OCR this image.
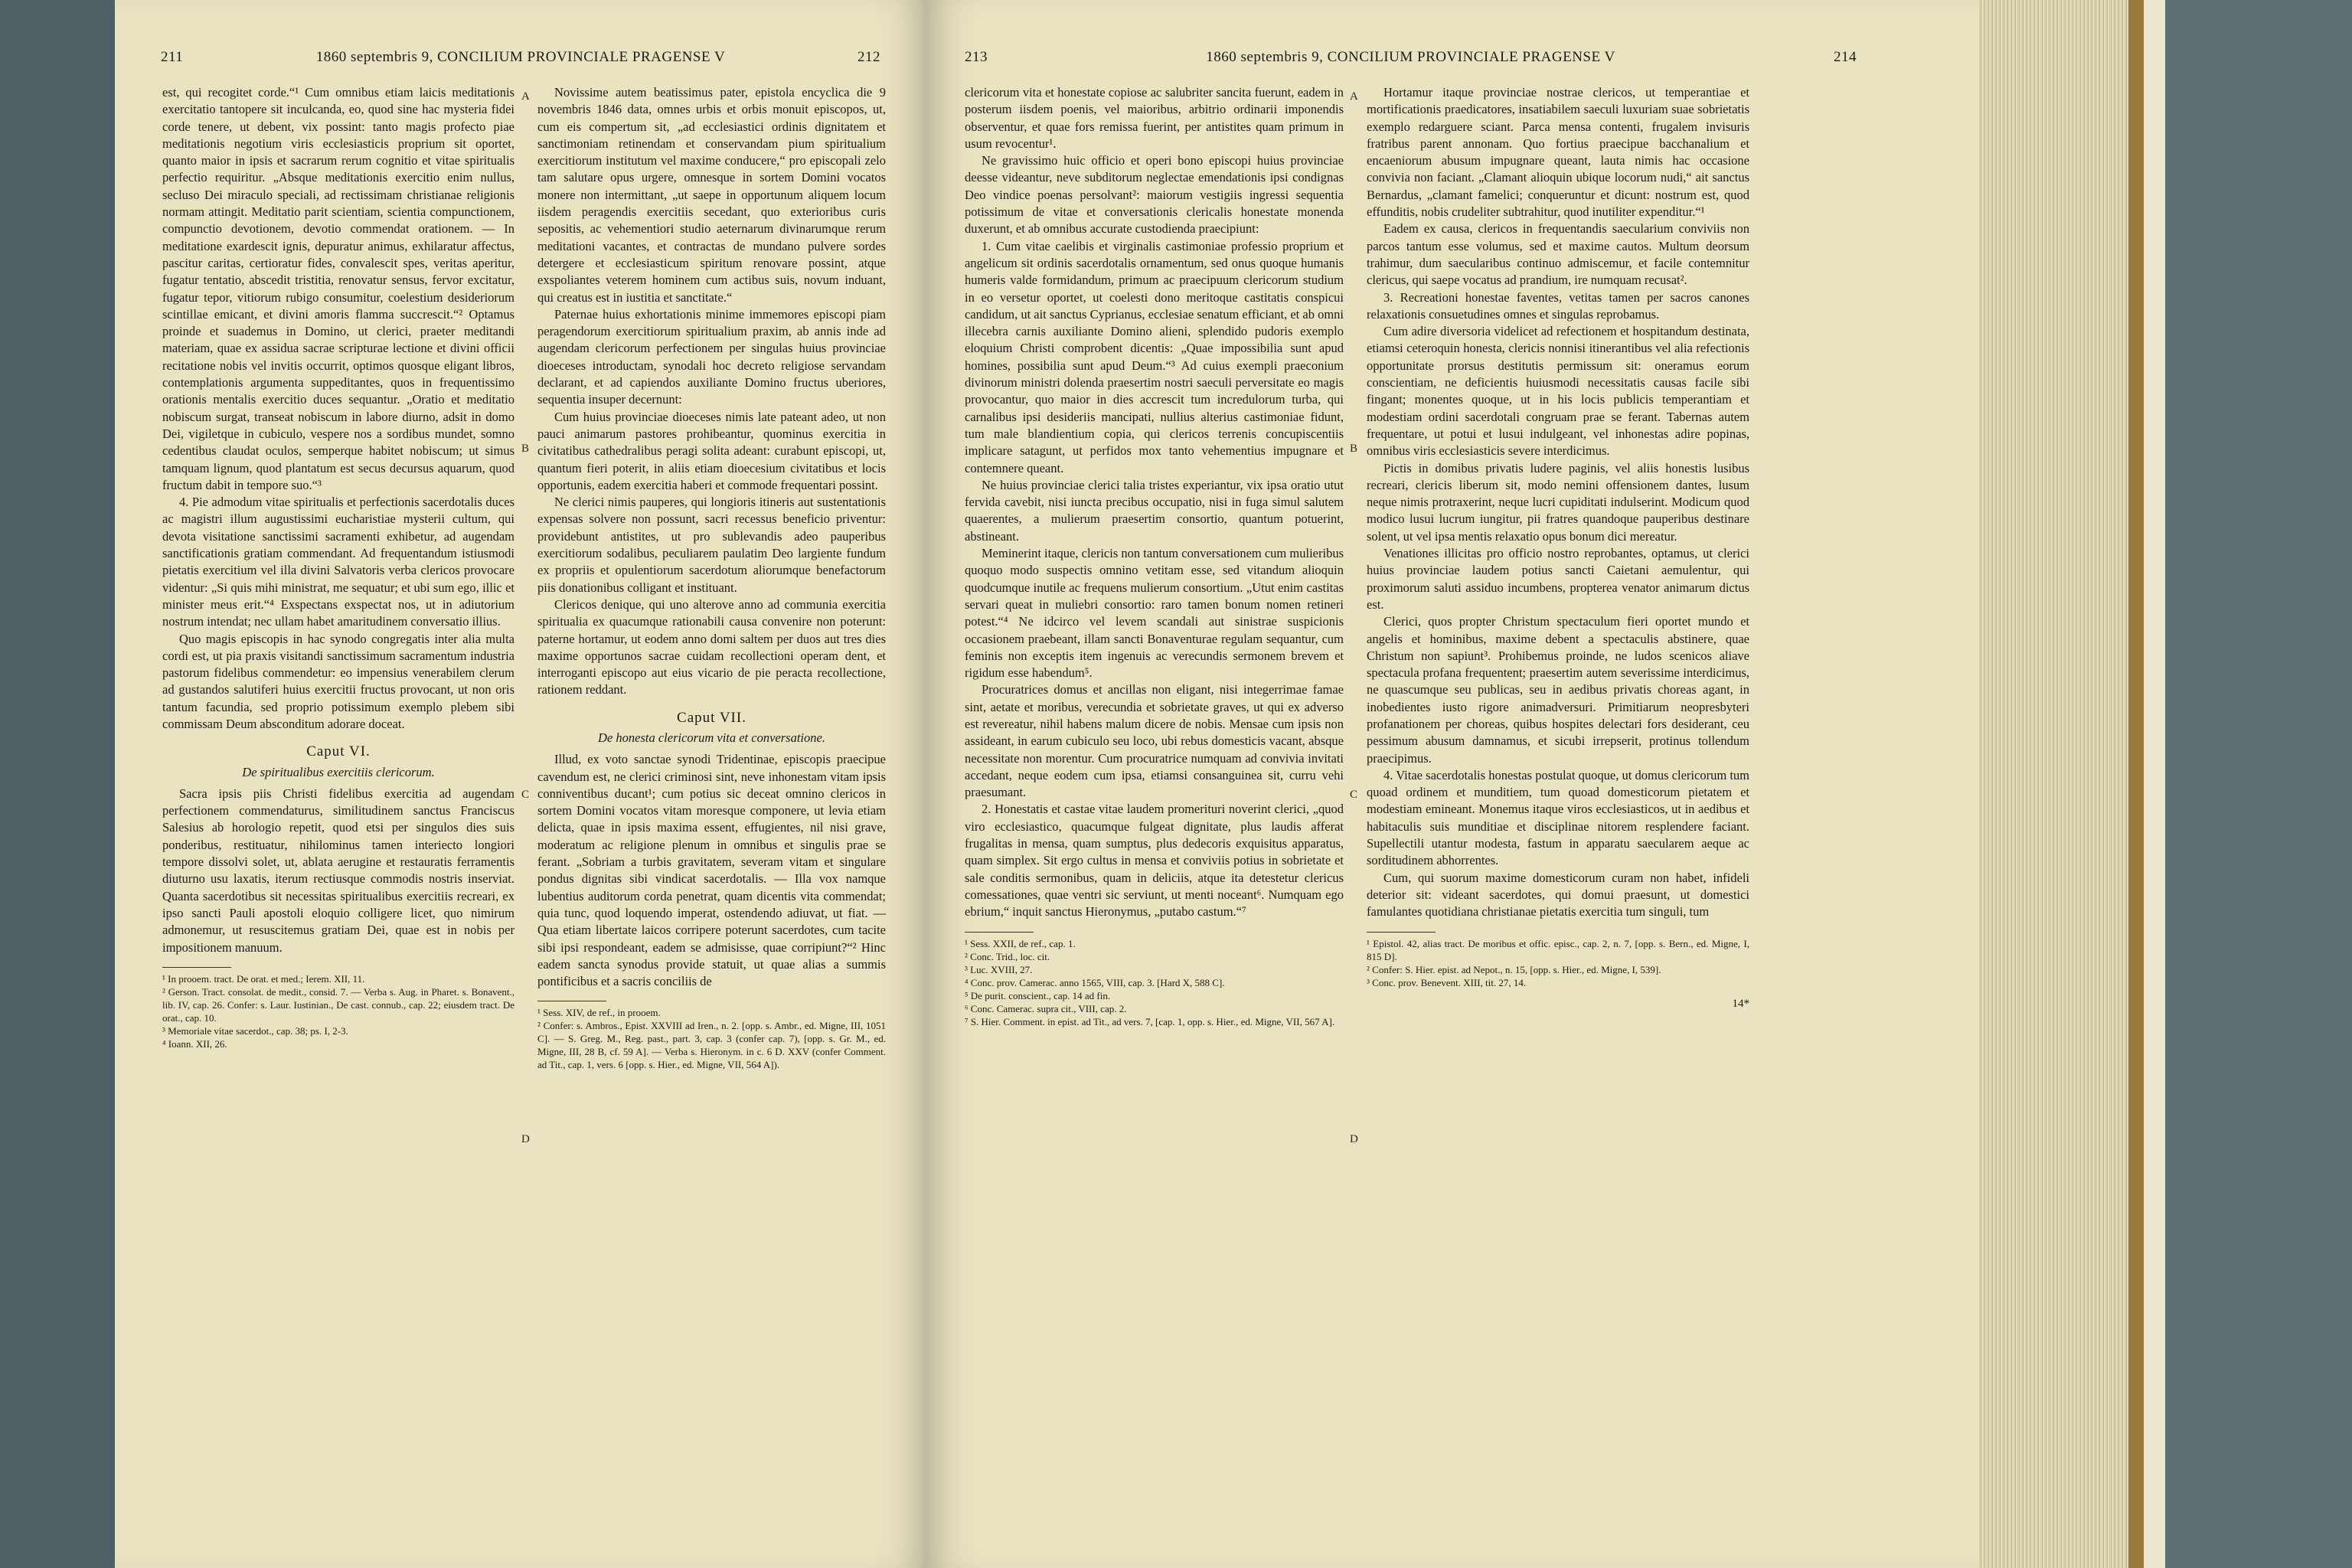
211	1860 septembris 9, CONCILIUM PROVINCIALE PRAGENSE V	212

est, qui recogitet corde.“¹ Cum omnibus etiam laicis meditationis exercitatio tantopere sit inculcanda, eo, quod sine hac mysteria fidei corde tenere, ut debent, vix possint: tanto magis profecto piae meditationis negotium viris ecclesiasticis proprium sit oportet, quanto maior in ipsis et sacrarum rerum cognitio et vitae spiritualis perfectio requiritur. „Absque meditationis exercitio enim nullus, secluso Dei miraculo speciali, ad rectissimam christianae religionis normam attingit. Meditatio parit scientiam, scientia compunctionem, compunctio devotionem, devotio commendat orationem. — In meditatione exardescit ignis, depuratur animus, exhilaratur affectus, pascitur caritas, certioratur fides, convalescit spes, veritas aperitur, fugatur tentatio, abscedit tristitia, renovatur sensus, fervor excitatur, fugatur tepor, vitiorum rubigo consumitur, coelestium desideriorum scintillae emicant, et divini amoris flamma succrescit.“² Optamus proinde et suademus in Domino, ut clerici, praeter meditandi materiam, quae ex assidua sacrae scripturae lectione et divini officii recitatione nobis vel invitis occurrit, optimos quosque eligant libros, contemplationis argumenta suppeditantes, quos in frequentissimo orationis mentalis exercitio duces sequantur. „Oratio et meditatio nobiscum surgat, transeat nobiscum in labore diurno, adsit in domo Dei, vigiletque in cubiculo, vespere nos a sordibus mundet, somno cedentibus claudat oculos, semperque habitet nobiscum; ut simus tamquam lignum, quod plantatum est secus decursus aquarum, quod fructum dabit in tempore suo.“³

4. Pie admodum vitae spiritualis et perfectionis sacerdotalis duces ac magistri illum augustissimi eucharistiae mysterii cultum, qui devota visitatione sanctissimi sacramenti exhibetur, ad augendam sanctificationis gratiam commendant. Ad frequentandum istiusmodi pietatis exercitium vel illa divini Salvatoris verba clericos provocare videntur: „Si quis mihi ministrat, me sequatur; et ubi sum ego, illic et minister meus erit.“⁴ Exspectans exspectat nos, ut in adiutorium nostrum intendat; nec ullam habet amaritudinem conversatio illius.

Quo magis episcopis in hac synodo congregatis inter alia multa cordi est, ut pia praxis visitandi sanctissimum sacramentum industria pastorum fidelibus commendetur: eo impensius venerabilem clerum ad gustandos salutiferi huius exercitii fructus provocant, ut non oris tantum facundia, sed proprio potissimum exemplo plebem sibi commissam Deum absconditum adorare doceat.

Caput VI.

De spiritualibus exercitiis clericorum.

Sacra ipsis piis Christi fidelibus exercitia ad augendam perfectionem commendaturus, similitudinem sanctus Franciscus Salesius ab horologio repetit, quod etsi per singulos dies suis ponderibus, restituatur, nihilominus tamen interiecto longiori tempore dissolvi solet, ut, ablata aerugine et restauratis ferramentis diuturno usu laxatis, iterum rectiusque commodis nostris inserviat. Quanta sacerdotibus sit necessitas spiritualibus exercitiis recreari, ex ipso sancti Pauli apostoli eloquio colligere licet, quo nimirum admonemur, ut resuscitemus gratiam Dei, quae est in nobis per impositionem manuum.

¹ In prooem. tract. De orat. et med.; Ierem. XII, 11.

² Gerson. Tract. consolat. de medit., consid. 7. — Verba s. Aug. in Pharet. s. Bonavent., lib. IV, cap. 26. Confer: s. Laur. Iustinian., De cast. connub., cap. 22; eiusdem tract. De orat., cap. 10.

³ Memoriale vitae sacerdot., cap. 38; ps. I, 2-3.

⁴ Ioann. XII, 26.

A
B
C
D

Novissime autem beatissimus pater, epistola encyclica die 9 novembris 1846 data, omnes urbis et orbis monuit episcopos, ut, cum eis compertum sit, „ad ecclesiastici ordinis dignitatem et sanctimoniam retinendam et conservandam pium spiritualium exercitiorum institutum vel maxime conducere,“ pro episcopali zelo tam salutare opus urgere, omnesque in sortem Domini vocatos monere non intermittant, „ut saepe in opportunum aliquem locum iisdem peragendis exercitiis secedant, quo exterioribus curis sepositis, ac vehementiori studio aeternarum divinarumque rerum meditationi vacantes, et contractas de mundano pulvere sordes detergere et ecclesiasticum spiritum renovare possint, atque exspoliantes veterem hominem cum actibus suis, novum induant, qui creatus est in iustitia et sanctitate.“

Paternae huius exhortationis minime immemores episcopi piam peragendorum exercitiorum spiritualium praxim, ab annis inde ad augendam clericorum perfectionem per singulas huius provinciae dioeceses introductam, synodali hoc decreto religiose servandam declarant, et ad capiendos auxiliante Domino fructus uberiores, sequentia insuper decernunt:

Cum huius provinciae dioeceses nimis late pateant adeo, ut non pauci animarum pastores prohibeantur, quominus exercitia in civitatibus cathedralibus peragi solita adeant: curabunt episcopi, ut, quantum fieri poterit, in aliis etiam dioecesium civitatibus et locis opportunis, eadem exercitia haberi et commode frequentari possint.

Ne clerici nimis pauperes, qui longioris itineris aut sustentationis expensas solvere non possunt, sacri recessus beneficio priventur: providebunt antistites, ut pro sublevandis adeo pauperibus exercitiorum sodalibus, peculiarem paulatim Deo largiente fundum ex propriis et opulentiorum sacerdotum aliorumque benefactorum piis donationibus colligant et instituant.

Clericos denique, qui uno alterove anno ad communia exercitia spiritualia ex quacumque rationabili causa convenire non poterunt: paterne hortamur, ut eodem anno domi saltem per duos aut tres dies maxime opportunos sacrae cuidam recollectioni operam dent, et interroganti episcopo aut eius vicario de pie peracta recollectione, rationem reddant.

Caput VII.

De honesta clericorum vita et conversatione.

Illud, ex voto sanctae synodi Tridentinae, episcopis praecipue cavendum est, ne clerici criminosi sint, neve inhonestam vitam ipsis conniventibus ducant¹; cum potius sic deceat omnino clericos in sortem Domini vocatos vitam moresque componere, ut levia etiam delicta, quae in ipsis maxima essent, effugientes, nil nisi grave, moderatum ac religione plenum in omnibus et singulis prae se ferant. „Sobriam a turbis gravitatem, severam vitam et singulare pondus dignitas sibi vindicat sacerdotalis. — Illa vox namque lubentius auditorum corda penetrat, quam dicentis vita commendat; quia tunc, quod loquendo imperat, ostendendo adiuvat, ut fiat. — Qua etiam libertate laicos corripere poterunt sacerdotes, cum tacite sibi ipsi respondeant, eadem se admisisse, quae corripiunt?“² Hinc eadem sancta synodus provide statuit, ut quae alias a summis pontificibus et a sacris conciliis de

¹ Sess. XIV, de ref., in prooem.

² Confer: s. Ambros., Epist. XXVIII ad Iren., n. 2. [opp. s. Ambr., ed. Migne, III, 1051 C]. — S. Greg. M., Reg. past., part. 3, cap. 3 (confer cap. 7), [opp. s. Gr. M., ed. Migne, III, 28 B, cf. 59 A]. — Verba s. Hieronym. in c. 6 D. XXV (confer Comment. ad Tit., cap. 1, vers. 6 [opp. s. Hier., ed. Migne, VII, 564 A]).

213	1860 septembris 9, CONCILIUM PROVINCIALE PRAGENSE V	214

clericorum vita et honestate copiose ac salubriter sancita fuerunt, eadem in posterum iisdem poenis, vel maioribus, arbitrio ordinarii imponendis observentur, et quae fors remissa fuerint, per antistites quam primum in usum revocentur¹.

Ne gravissimo huic officio et operi bono episcopi huius provinciae deesse videantur, neve subditorum neglectae emendationis ipsi condignas Deo vindice poenas persolvant²: maiorum vestigiis ingressi sequentia potissimum de vitae et conversationis clericalis honestate monenda duxerunt, et ab omnibus accurate custodienda praecipiunt:

1. Cum vitae caelibis et virginalis castimoniae professio proprium et angelicum sit ordinis sacerdotalis ornamentum, sed onus quoque humanis humeris valde formidandum, primum ac praecipuum clericorum studium in eo versetur oportet, ut coelesti dono meritoque castitatis conspicui candidum, ut ait sanctus Cyprianus, ecclesiae senatum efficiant, et ab omni illecebra carnis auxiliante Domino alieni, splendido pudoris exemplo eloquium Christi comprobent dicentis: „Quae impossibilia sunt apud homines, possibilia sunt apud Deum.“³ Ad cuius exempli praeconium divinorum ministri dolenda praesertim nostri saeculi perversitate eo magis provocantur, quo maior in dies accrescit tum incredulorum turba, qui carnalibus ipsi desideriis mancipati, nullius alterius castimoniae fidunt, tum male blandientium copia, qui clericos terrenis concupiscentiis implicare satagunt, ut perfidos mox tanto vehementius impugnare et contemnere queant.

Ne huius provinciae clerici talia tristes experiantur, vix ipsa oratio utut fervida cavebit, nisi iuncta precibus occupatio, nisi in fuga simul salutem quaerentes, a mulierum praesertim consortio, quantum potuerint, abstineant.

Meminerint itaque, clericis non tantum conversationem cum mulieribus quoquo modo suspectis omnino vetitam esse, sed vitandum alioquin quodcumque inutile ac frequens mulierum consortium. „Utut enim castitas servari queat in muliebri consortio: raro tamen bonum nomen retineri potest.“⁴ Ne idcirco vel levem scandali aut sinistrae suspicionis occasionem praebeant, illam sancti Bonaventurae regulam sequantur, cum feminis non exceptis item ingenuis ac verecundis sermonem brevem et rigidum esse habendum⁵.

Procuratrices domus et ancillas non eligant, nisi integerrimae famae sint, aetate et moribus, verecundia et sobrietate graves, ut qui ex adverso est revereatur, nihil habens malum dicere de nobis. Mensae cum ipsis non assideant, in earum cubiculo seu loco, ubi rebus domesticis vacant, absque necessitate non morentur. Cum procuratrice numquam ad convivia invitati accedant, neque eodem cum ipsa, etiamsi consanguinea sit, curru vehi praesumant.

2. Honestatis et castae vitae laudem promerituri noverint clerici, „quod viro ecclesiastico, quacumque fulgeat dignitate, plus laudis afferat frugalitas in mensa, quam sumptus, plus dedecoris exquisitus apparatus, quam simplex. Sit ergo cultus in mensa et conviviis potius in sobrietate et sale conditis sermonibus, quam in deliciis, atque ita detestetur clericus comessationes, quae ventri sic serviunt, ut menti noceant⁶. Numquam ego ebrium,“ inquit sanctus Hieronymus, „putabo castum.“⁷

¹ Sess. XXII, de ref., cap. 1.

² Conc. Trid., loc. cit.

³ Luc. XVIII, 27.

⁴ Conc. prov. Camerac. anno 1565, VIII, cap. 3. [Hard X, 588 C].

⁵ De purit. conscient., cap. 14 ad fin.

⁶ Conc. Camerac. supra cit., VIII, cap. 2.

⁷ S. Hier. Comment. in epist. ad Tit., ad vers. 7, [cap. 1, opp. s. Hier., ed. Migne, VII, 567 A].

A
B
C
D

Hortamur itaque provinciae nostrae clericos, ut temperantiae et mortificationis praedicatores, insatiabilem saeculi luxuriam suae sobrietatis exemplo redarguere sciant. Parca mensa contenti, frugalem invisuris fratribus parent annonam. Quo fortius praecipue bacchanalium et encaeniorum abusum impugnare queant, lauta nimis hac occasione convivia non faciant. „Clamant alioquin ubique locorum nudi,“ ait sanctus Bernardus, „clamant famelici; conqueruntur et dicunt: nostrum est, quod effunditis, nobis crudeliter subtrahitur, quod inutiliter expenditur.“¹

Eadem ex causa, clericos in frequentandis saecularium conviviis non parcos tantum esse volumus, sed et maxime cautos. Multum deorsum trahimur, dum saecularibus continuo admiscemur, et facile contemnitur clericus, qui saepe vocatus ad prandium, ire numquam recusat².

3. Recreationi honestae faventes, vetitas tamen per sacros canones relaxationis consuetudines omnes et singulas reprobamus.

Cum adire diversoria videlicet ad refectionem et hospitandum destinata, etiamsi ceteroquin honesta, clericis nonnisi itinerantibus vel alia refectionis opportunitate prorsus destitutis permissum sit: oneramus eorum conscientiam, ne deficientis huiusmodi necessitatis causas facile sibi fingant; monentes quoque, ut in his locis publicis temperantiam et modestiam ordini sacerdotali congruam prae se ferant. Tabernas autem frequentare, ut potui et lusui indulgeant, vel inhonestas adire popinas, omnibus viris ecclesiasticis severe interdicimus.

Pictis in domibus privatis ludere paginis, vel aliis honestis lusibus recreari, clericis liberum sit, modo nemini offensionem dantes, lusum neque nimis protraxerint, neque lucri cupiditati indulserint. Modicum quod modico lusui lucrum iungitur, pii fratres quandoque pauperibus destinare solent, ut vel ipsa mentis relaxatio opus bonum dici mereatur.

Venationes illicitas pro officio nostro reprobantes, optamus, ut clerici huius provinciae laudem potius sancti Caietani aemulentur, qui proximorum saluti assiduo incumbens, propterea venator animarum dictus est.

Clerici, quos propter Christum spectaculum fieri oportet mundo et angelis et hominibus, maxime debent a spectaculis abstinere, quae Christum non sapiunt³. Prohibemus proinde, ne ludos scenicos aliave spectacula profana frequentent; praesertim autem severissime interdicimus, ne quascumque seu publicas, seu in aedibus privatis choreas agant, in inobedientes iusto rigore animadversuri. Primitiarum neopresbyteri profanationem per choreas, quibus hospites delectari fors desiderant, ceu pessimum abusum damnamus, et sicubi irrepserit, protinus tollendum praecipimus.

4. Vitae sacerdotalis honestas postulat quoque, ut domus clericorum tum quoad ordinem et munditiem, tum quoad domesticorum pietatem et modestiam emineant. Monemus itaque viros ecclesiasticos, ut in aedibus et habitaculis suis munditiae et disciplinae nitorem resplendere faciant. Supellectili utantur modesta, fastum in apparatu saecularem aeque ac sorditudinem abhorrentes.

Cum, qui suorum maxime domesticorum curam non habet, infideli deterior sit: videant sacerdotes, qui domui praesunt, ut domestici famulantes quotidiana christianae pietatis exercitia tum singuli, tum

¹ Epistol. 42, alias tract. De moribus et offic. episc., cap. 2, n. 7, [opp. s. Bern., ed. Migne, I, 815 D].

² Confer: S. Hier. epist. ad Nepot., n. 15, [opp. s. Hier., ed. Migne, I, 539].

³ Conc. prov. Benevent. XIII, tit. 27, 14.

14*
